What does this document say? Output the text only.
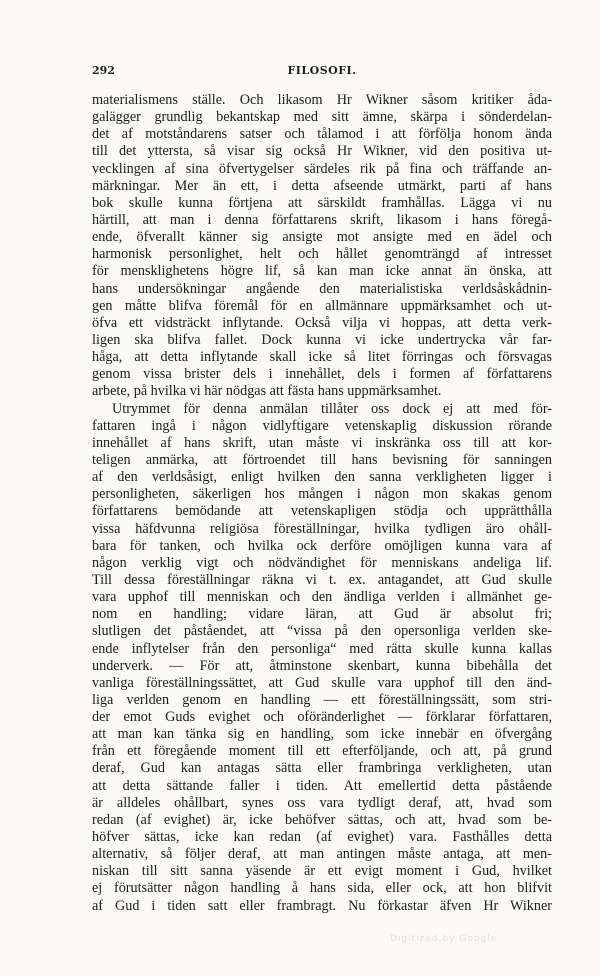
292	FILOSOFI.
materialismens ställe. Och likasom Hr Wikner såsom kritiker ådа-
galägger grundlig bekantskap med sitt ämne, skärpa i sönderdelan-
det af motståndarens satser och tålamod i att förfölja honom ända
till det yttersta, så visar sig också Hr Wikner, vid den positiva ut-
vecklingen af sina öfvertygelser särdeles rik på fina och träffande an-
märkningar. Mer än ett, i detta afseende utmärkt, parti af hans
bok skulle kunna förtjena att särskildt framhållas. Lägga vi nu
härtill, att man i denna författarens skrift, likasom i hans föregå-
ende, öfverallt känner sig ansigte mot ansigte med en ädel och
harmonisk personlighet, helt och hållet genomträngd af intresset
för mensklighetens högre lif, så kan man icke annat än önska, att
hans undersökningar angående den materialistiska verldsåskådnin-
gen måtte blifva föremål för en allmännare uppmärksamhet och ut-
öfva ett vidsträckt inflytande. Också vilja vi hoppas, att detta verk-
ligen ska blifva fallet. Dock kunna vi icke undertrycka vår far-
håga, att detta inflytande skall icke så litet förringas och försvagas
genom vissa brister dels i innehållet, dels i formen af författarens
arbete, på hvilka vi här nödgas att fästa hans uppmärksamhet.
Utrymmet för denna anmälan tillåter oss dock ej att med för-
fattaren ingå i någon vidlyftigare vetenskaplig diskussion rörande
innehållet af hans skrift, utan måste vi inskränka oss till att kor-
teligen anmärka, att förtroendet till hans bevisning för sanningen
af den verldsåsigt, enligt hvilken den sanna verkligheten ligger i
personligheten, säkerligen hos mången i någon mon skakas genom
författarens bemödande att vetenskapligen stödja och upprätthålla
vissa häfdvunna religiösa föreställningar, hvilka tydligen äro ohåll-
bara för tanken, och hvilka ock derföre omöjligen kunna vara af
någon verklig vigt och nödvändighet för menniskans andeliga lif.
Till dessa föreställningar räkna vi t. ex. antagandet, att Gud skulle
vara upphof till menniskan och den ändliga verlden i allmänhet ge-
nom en handling; vidare läran, att Gud är absolut fri;
slutligen det påståendet, att “vissa på den opersonliga verlden ske-
ende inflytelser från den personliga“ med rätta skulle kunna kallas
underverk. — För att, åtminstone skenbart, kunna bibehålla det
vanliga föreställningssättet, att Gud skulle vara upphof till den änd-
liga verlden genom en handling — ett föreställningssätt, som stri-
der emot Guds evighet och oföränderlighet — förklarar författaren,
att man kan tänka sig en handling, som icke innebär en öfvergång
från ett föregående moment till ett efterföljande, och att, på grund
deraf, Gud kan antagas sätta eller frambringa verkligheten, utan
att detta sättande faller i tiden. Att emellertid detta påstående
är alldeles ohållbart, synes oss vara tydligt deraf, att, hvad som
redan (af evighet) är, icke behöfver sättas, och att, hvad som be-
höfver sättas, icke kan redan (af evighet) vara. Fasthålles detta
alternativ, så följer deraf, att man antingen måste antaga, att men-
niskan till sitt sanna yäsende är ett evigt moment i Gud, hvilket
ej förutsätter någon handling å hans sida, eller ock, att hon blifvit
af Gud i tiden satt eller frambragt. Nu förkastar äfven Hr Wikner
Digitized by Google
